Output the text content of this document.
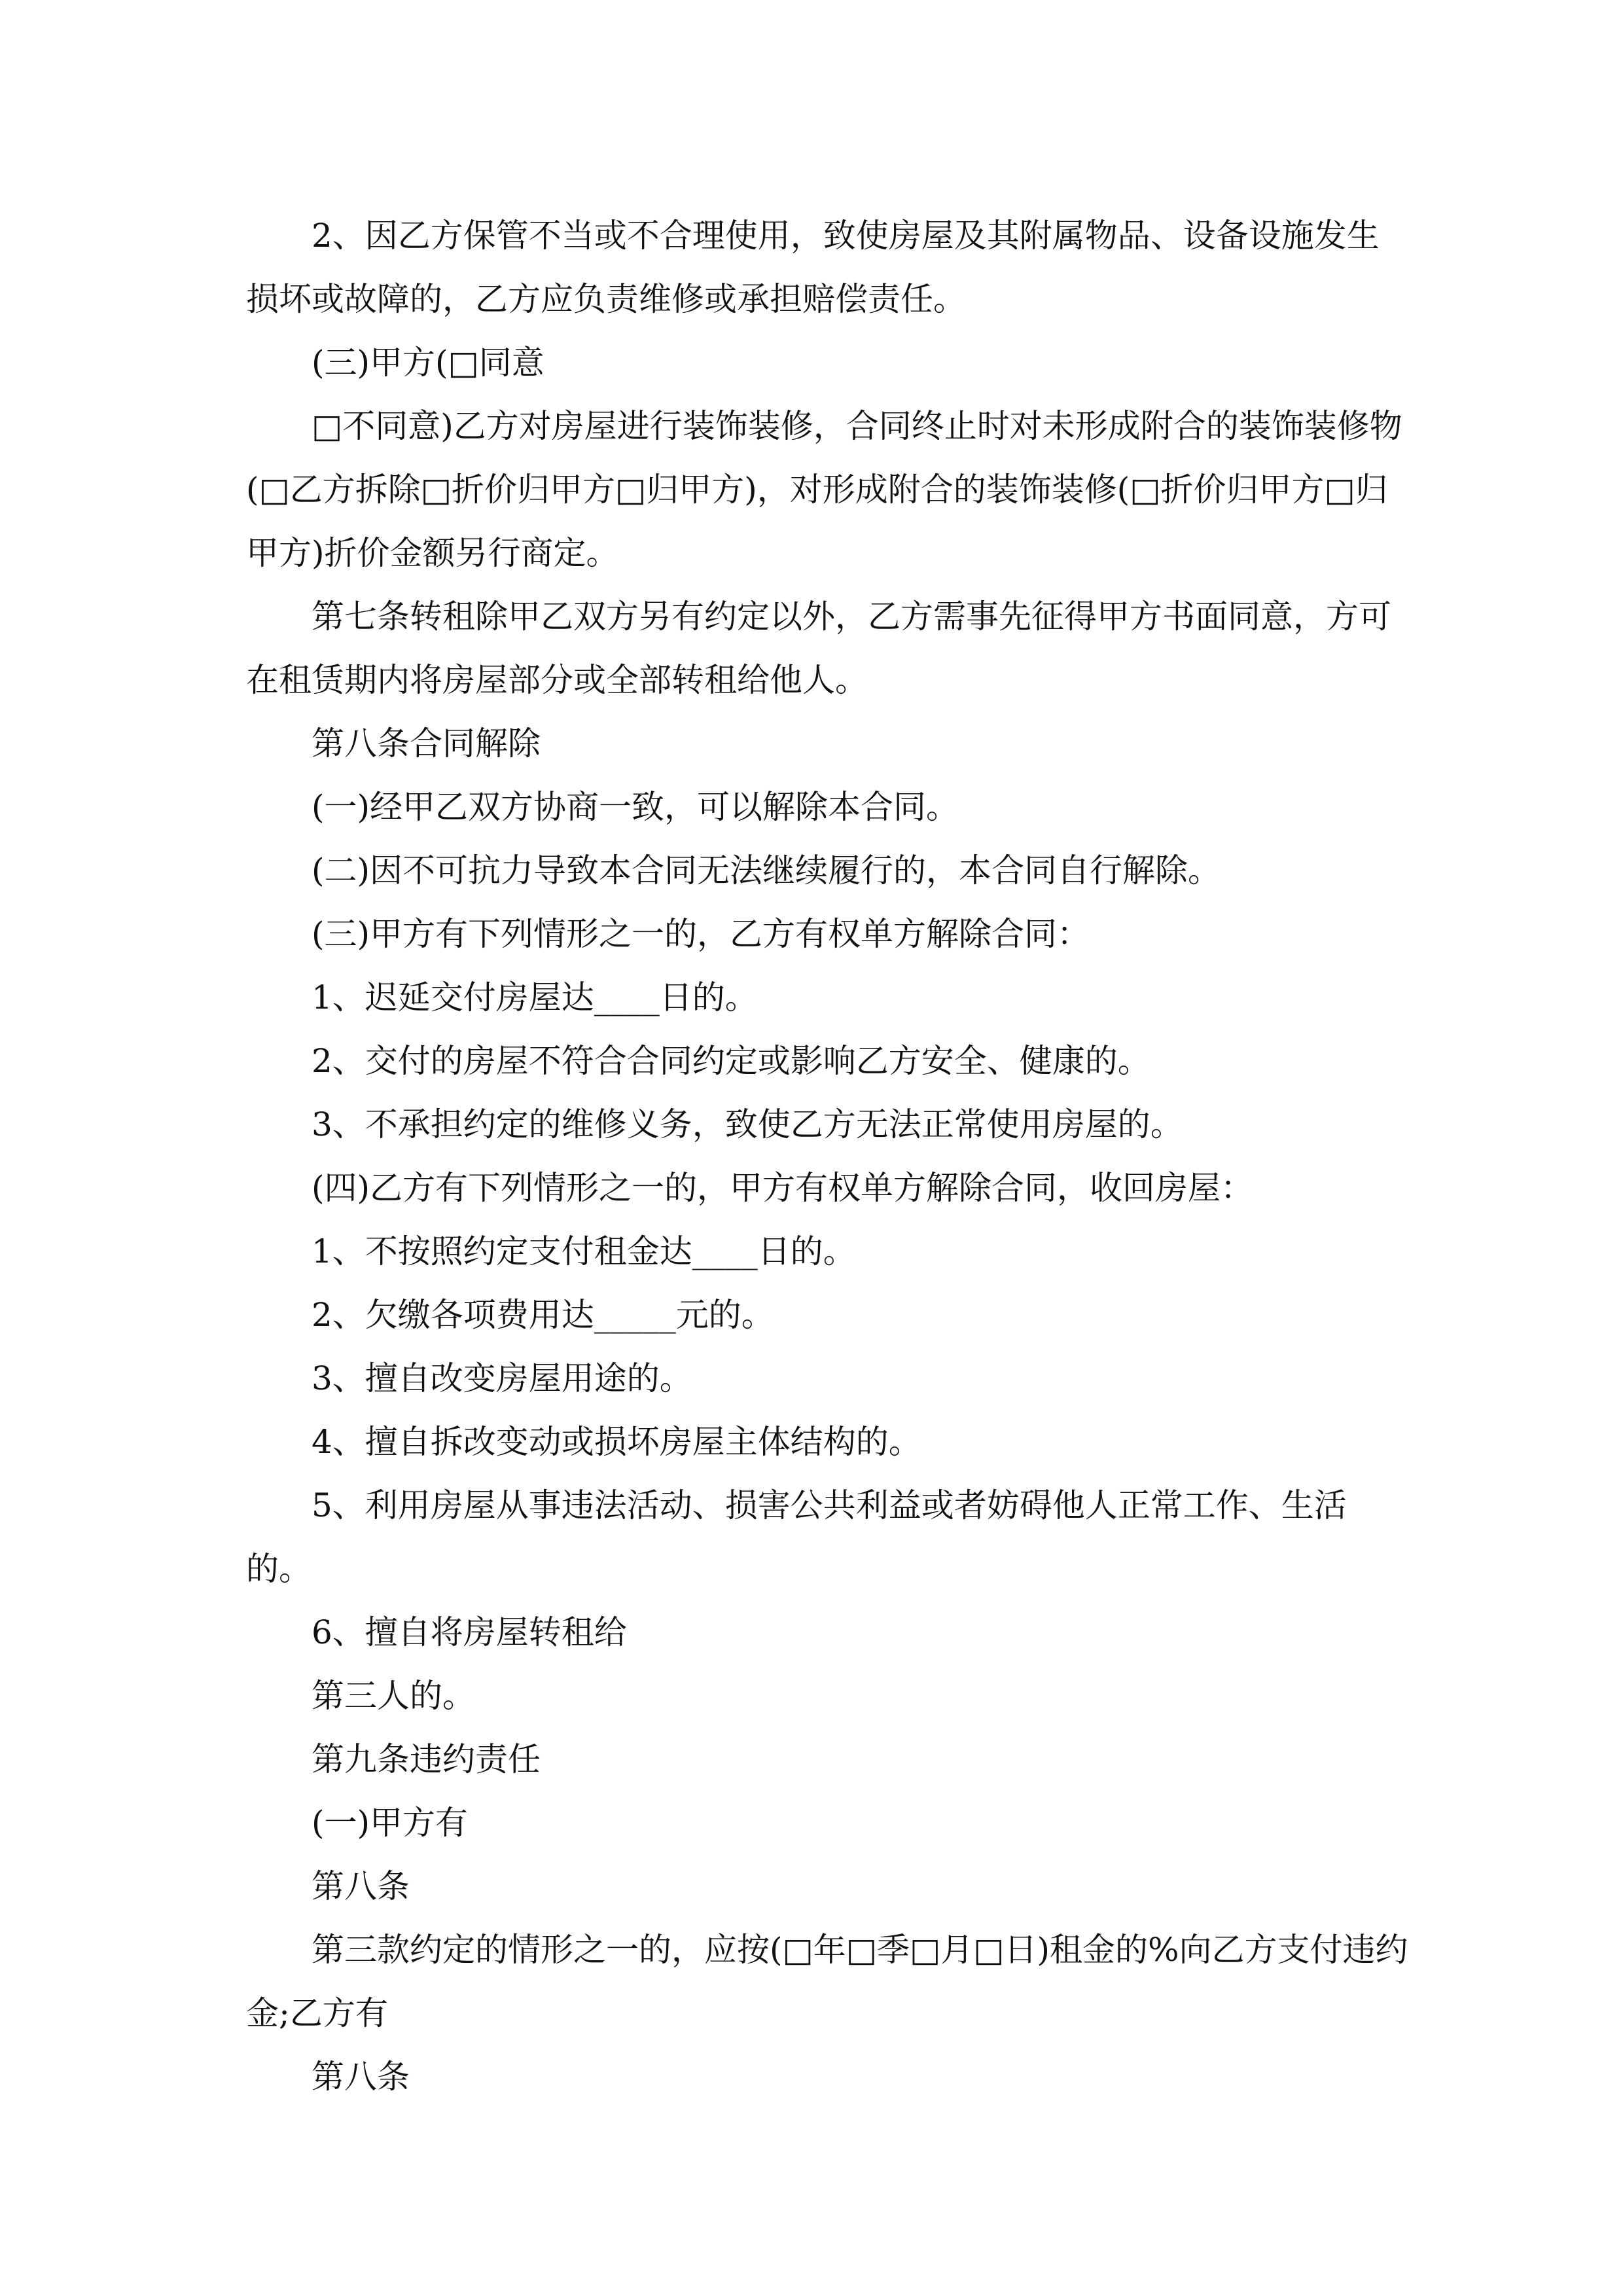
2、因乙方保管不当或不合理使用，致使房屋及其附属物品、设备设施发生损坏或故障的，乙方应负责维修或承担赔偿责任。

(三)甲方(□同意

□不同意)乙方对房屋进行装饰装修，合同终止时对未形成附合的装饰装修物(□乙方拆除□折价归甲方□归甲方)，对形成附合的装饰装修(□折价归甲方□归甲方)折价金额另行商定。

第七条转租除甲乙双方另有约定以外，乙方需事先征得甲方书面同意，方可在租赁期内将房屋部分或全部转租给他人。

第八条合同解除

(一)经甲乙双方协商一致，可以解除本合同。

(二)因不可抗力导致本合同无法继续履行的，本合同自行解除。

(三)甲方有下列情形之一的，乙方有权单方解除合同：

1、迟延交付房屋达____日的。

2、交付的房屋不符合合同约定或影响乙方安全、健康的。

3、不承担约定的维修义务，致使乙方无法正常使用房屋的。

(四)乙方有下列情形之一的，甲方有权单方解除合同，收回房屋：

1、不按照约定支付租金达____日的。

2、欠缴各项费用达_____元的。

3、擅自改变房屋用途的。

4、擅自拆改变动或损坏房屋主体结构的。

5、利用房屋从事违法活动、损害公共利益或者妨碍他人正常工作、生活的。

6、擅自将房屋转租给

第三人的。

第九条违约责任

(一)甲方有

第八条

第三款约定的情形之一的，应按(□年□季□月□日)租金的%向乙方支付违约金;乙方有

第八条
